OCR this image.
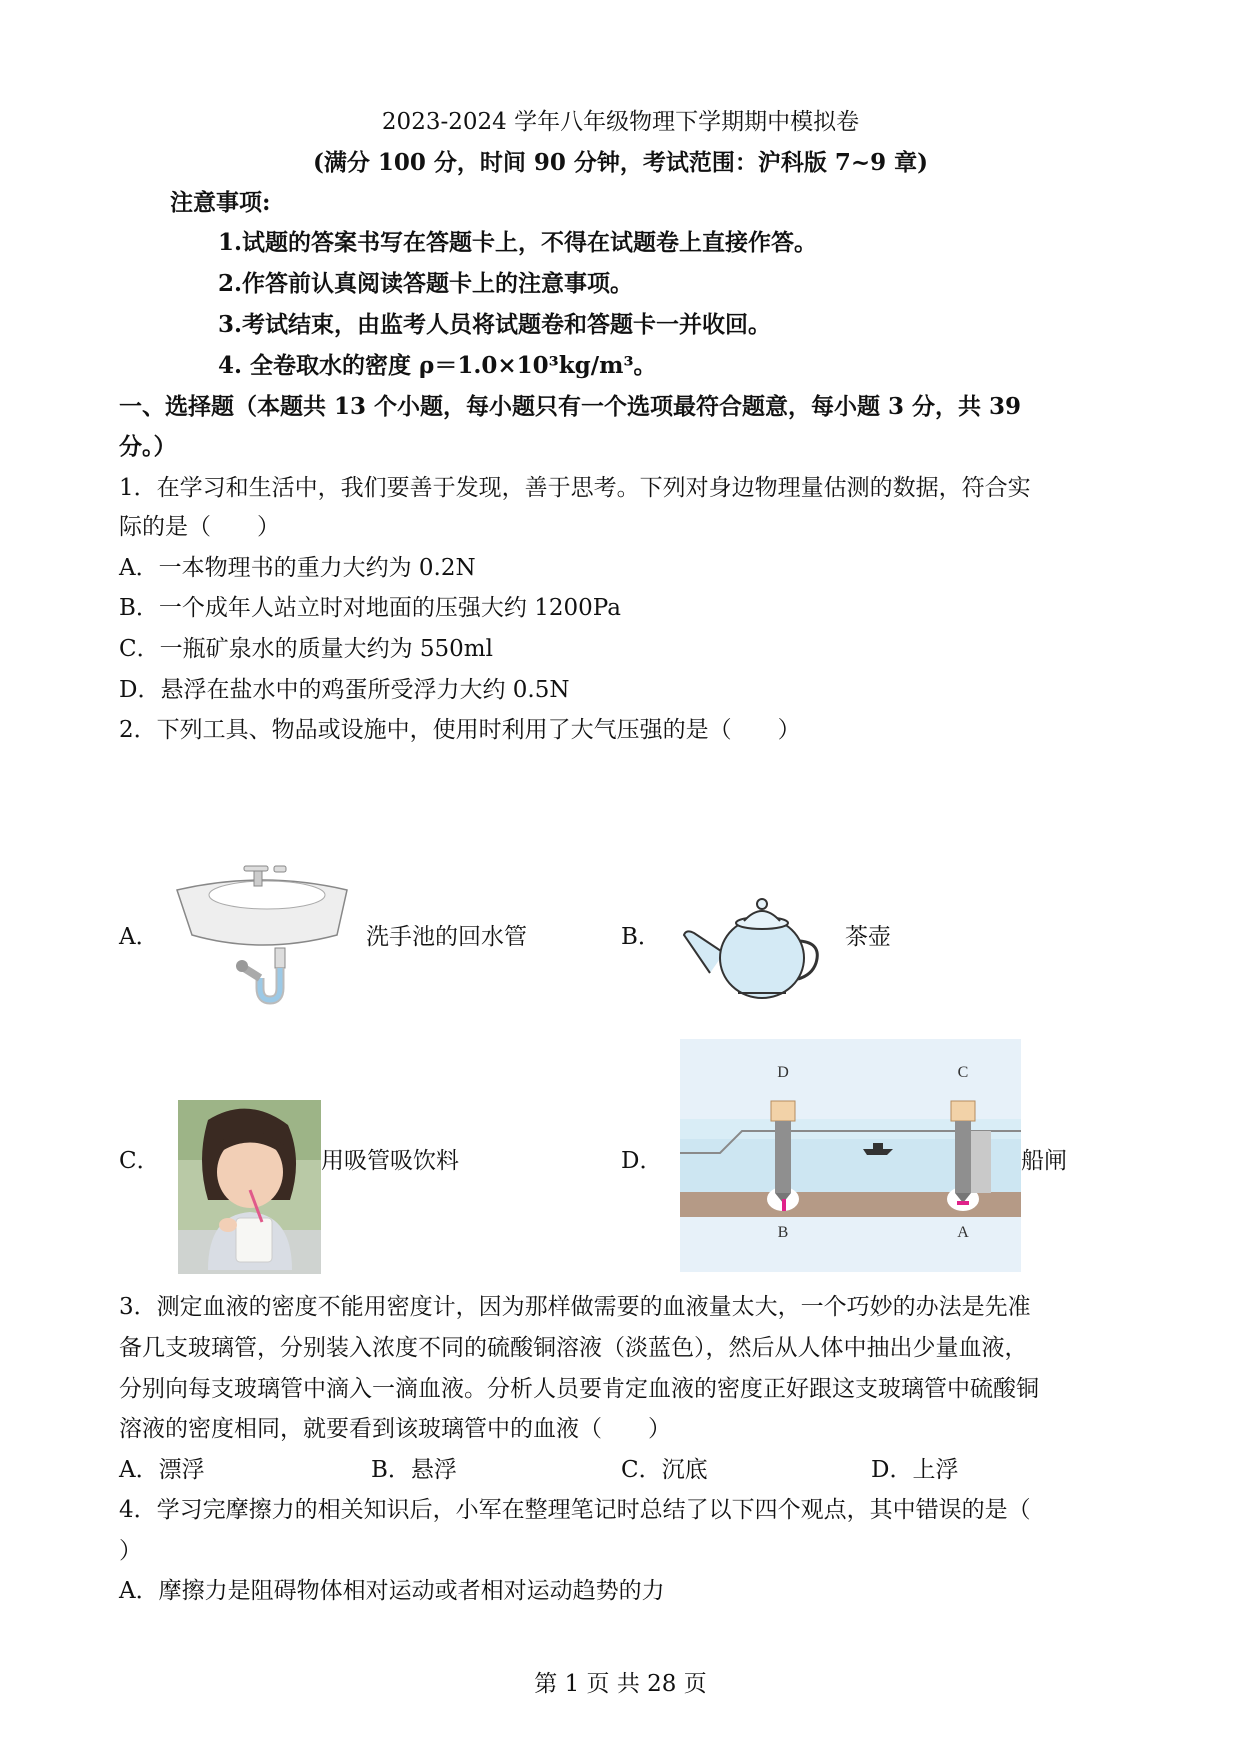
2023-2024 学年八年级物理下学期期中模拟卷
(满分 100 分，时间 90 分钟，考试范围：沪科版 7~9 章)
注意事项:
1.试题的答案书写在答题卡上，不得在试题卷上直接作答。
2.作答前认真阅读答题卡上的注意事项。
3.考试结束，由监考人员将试题卷和答题卡一并收回。
4. 全卷取水的密度 ρ＝1.0×10³kg/m³。
一、选择题（本题共 13 个小题，每小题只有一个选项最符合题意，每小题 3 分，共 39
分。）
1．在学习和生活中，我们要善于发现，善于思考。下列对身边物理量估测的数据，符合实
际的是（　　）
A．一本物理书的重力大约为 0.2N
B．一个成年人站立时对地面的压强大约 1200Pa
C．一瓶矿泉水的质量大约为 550ml
D．悬浮在盐水中的鸡蛋所受浮力大约 0.5N
2．下列工具、物品或设施中，使用时利用了大气压强的是（　　）
A．	洗手池的回水管	B．	茶壶
C．	用吸管吸饮料	D．
D	C
B	A
船闸
3．测定血液的密度不能用密度计，因为那样做需要的血液量太大，一个巧妙的办法是先准
备几支玻璃管，分别装入浓度不同的硫酸铜溶液（淡蓝色），然后从人体中抽出少量血液，
分别向每支玻璃管中滴入一滴血液。分析人员要肯定血液的密度正好跟这支玻璃管中硫酸铜
溶液的密度相同，就要看到该玻璃管中的血液（　　）
A．漂浮	B．悬浮	C．沉底	D．上浮
4．学习完摩擦力的相关知识后，小军在整理笔记时总结了以下四个观点，其中错误的是（
）
A．摩擦力是阻碍物体相对运动或者相对运动趋势的力
第 1 页 共 28 页
